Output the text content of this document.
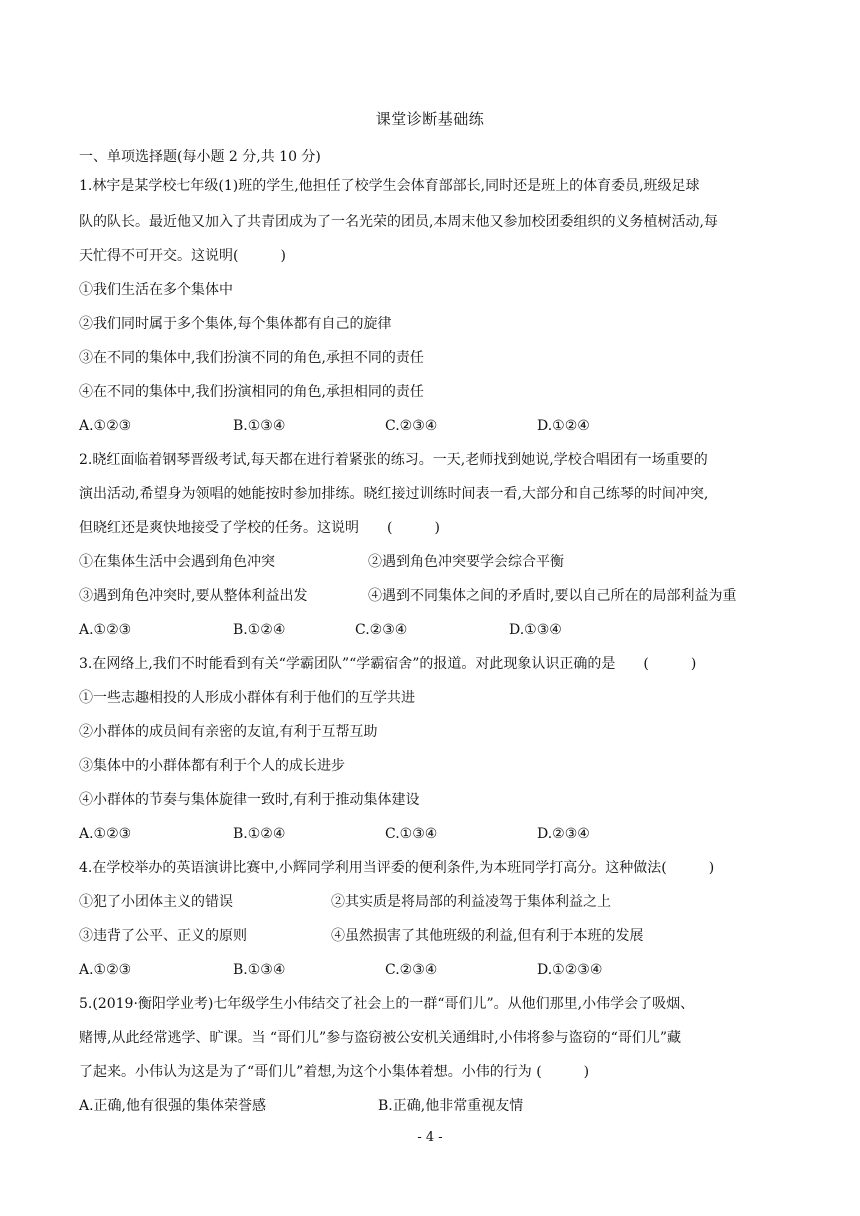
课堂诊断基础练
一、单项选择题(每小题 2 分,共 10 分)
1.林宇是某学校七年级(1)班的学生,他担任了校学生会体育部部长,同时还是班上的体育委员,班级足球
队的队长。最近他又加入了共青团成为了一名光荣的团员,本周末他又参加校团委组织的义务植树活动,每
天忙得不可开交。这说明(　　　)
①我们生活在多个集体中
②我们同时属于多个集体,每个集体都有自己的旋律
③在不同的集体中,我们扮演不同的角色,承担不同的责任
④在不同的集体中,我们扮演相同的角色,承担相同的责任
A.①②③	B.①③④	C.②③④	D.①②④
2.晓红面临着钢琴晋级考试,每天都在进行着紧张的练习。一天,老师找到她说,学校合唱团有一场重要的
演出活动,希望身为领唱的她能按时参加排练。晓红接过训练时间表一看,大部分和自己练琴的时间冲突,
但晓红还是爽快地接受了学校的任务。这说明　　(　　　)
①在集体生活中会遇到角色冲突	②遇到角色冲突要学会综合平衡
③遇到角色冲突时,要从整体利益出发	④遇到不同集体之间的矛盾时,要以自己所在的局部利益为重
A.①②③	B.①②④	C.②③④	D.①③④
3.在网络上,我们不时能看到有关“学霸团队”“学霸宿舍”的报道。对此现象认识正确的是　　(　　　)
①一些志趣相投的人形成小群体有利于他们的互学共进
②小群体的成员间有亲密的友谊,有利于互帮互助
③集体中的小群体都有利于个人的成长进步
④小群体的节奏与集体旋律一致时,有利于推动集体建设
A.①②③	B.①②④	C.①③④	D.②③④
4.在学校举办的英语演讲比赛中,小辉同学利用当评委的便利条件,为本班同学打高分。这种做法(　　　)
①犯了小团体主义的错误	②其实质是将局部的利益凌驾于集体利益之上
③违背了公平、正义的原则	④虽然损害了其他班级的利益,但有利于本班的发展
A.①②③	B.①③④	C.②③④	D.①②③④
5.(2019·衡阳学业考)七年级学生小伟结交了社会上的一群“哥们儿”。从他们那里,小伟学会了吸烟、
赌博,从此经常逃学、旷课。当 “哥们儿”参与盗窃被公安机关通缉时,小伟将参与盗窃的“哥们儿”藏
了起来。小伟认为这是为了“哥们儿”着想,为这个小集体着想。小伟的行为 (　　　)
A.正确,他有很强的集体荣誉感	B.正确,他非常重视友情
- 4 -
